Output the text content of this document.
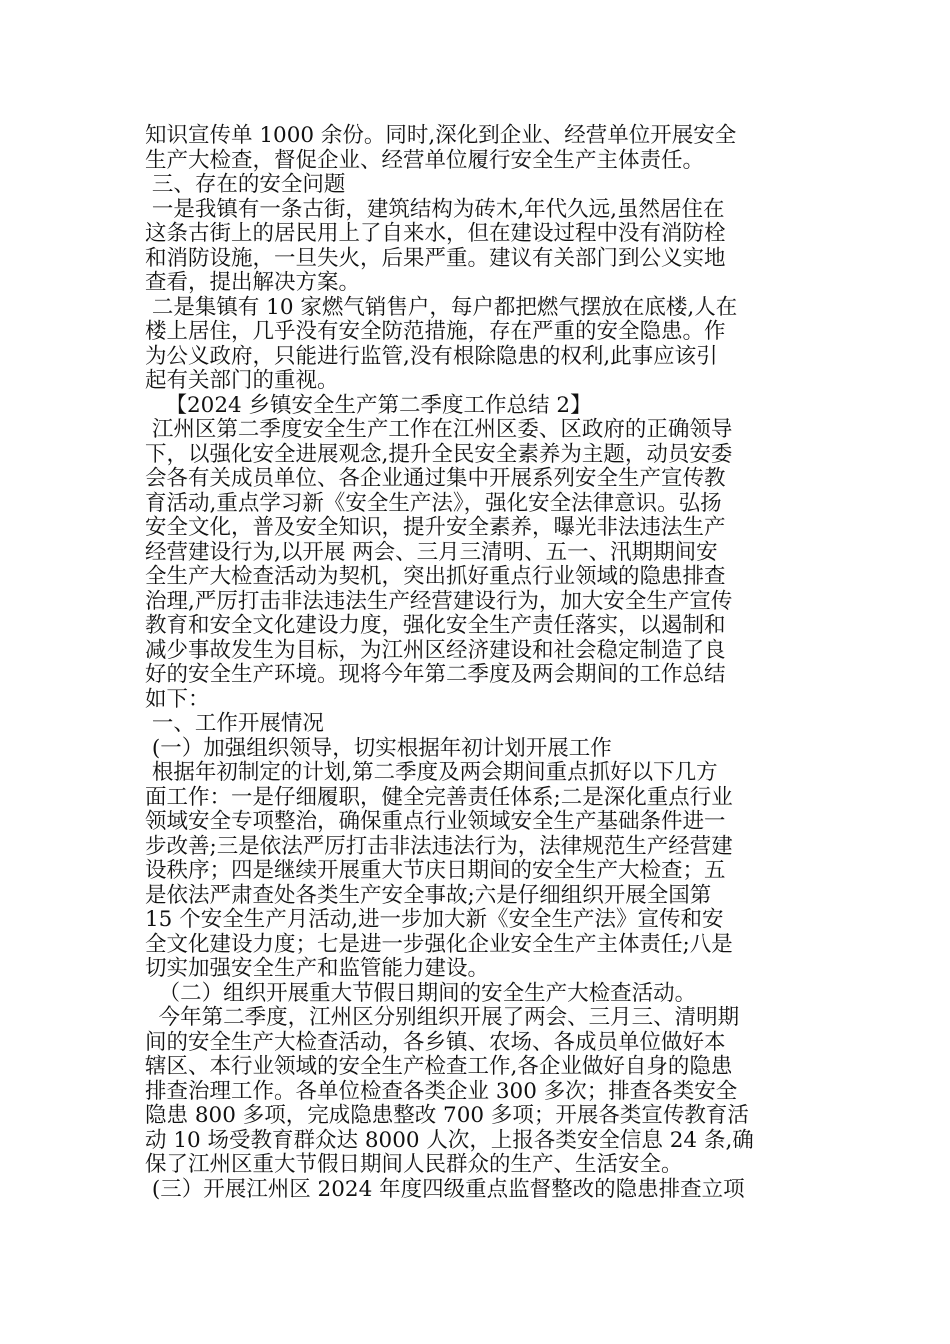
知识宣传单 1000 余份。同时,深化到企业、经营单位开展安全
生产大检查，督促企业、经营单位履行安全生产主体责任。
三、存在的安全问题
一是我镇有一条古街，建筑结构为砖木,年代久远,虽然居住在
这条古街上的居民用上了自来水，但在建设过程中没有消防栓
和消防设施，一旦失火，后果严重。建议有关部门到公义实地
查看，提出解决方案。
二是集镇有 10 家燃气销售户，每户都把燃气摆放在底楼,人在
楼上居住，几乎没有安全防范措施，存在严重的安全隐患。作
为公义政府，只能进行监管,没有根除隐患的权利,此事应该引
起有关部门的重视。
【2024 乡镇安全生产第二季度工作总结 2】
江州区第二季度安全生产工作在江州区委、区政府的正确领导
下，以强化安全进展观念,提升全民安全素养为主题，动员安委
会各有关成员单位、各企业通过集中开展系列安全生产宣传教
育活动,重点学习新《安全生产法》，强化安全法律意识。弘扬
安全文化，普及安全知识，提升安全素养，曝光非法违法生产
经营建设行为,以开展 两会、三月三清明、五一、汛期期间安
全生产大检查活动为契机，突出抓好重点行业领域的隐患排查
治理,严厉打击非法违法生产经营建设行为，加大安全生产宣传
教育和安全文化建设力度，强化安全生产责任落实，以遏制和
减少事故发生为目标，为江州区经济建设和社会稳定制造了良
好的安全生产环境。现将今年第二季度及两会期间的工作总结
如下：
一、工作开展情况
(一）加强组织领导，切实根据年初计划开展工作
根据年初制定的计划,第二季度及两会期间重点抓好以下几方
面工作：一是仔细履职，健全完善责任体系;二是深化重点行业
领域安全专项整治，确保重点行业领域安全生产基础条件进一
步改善;三是依法严厉打击非法违法行为，法律规范生产经营建
设秩序；四是继续开展重大节庆日期间的安全生产大检查；五
是依法严肃查处各类生产安全事故;六是仔细组织开展全国第
15 个安全生产月活动,进一步加大新《安全生产法》宣传和安
全文化建设力度；七是进一步强化企业安全生产主体责任;八是
切实加强安全生产和监管能力建设。
（二）组织开展重大节假日期间的安全生产大检查活动。
今年第二季度，江州区分别组织开展了两会、三月三、清明期
间的安全生产大检查活动，各乡镇、农场、各成员单位做好本
辖区、本行业领域的安全生产检查工作,各企业做好自身的隐患
排查治理工作。各单位检查各类企业 300 多次；排查各类安全
隐患 800 多项，完成隐患整改 700 多项；开展各类宣传教育活
动 10 场受教育群众达 8000 人次，上报各类安全信息 24 条,确
保了江州区重大节假日期间人民群众的生产、生活安全。
(三）开展江州区 2024 年度四级重点监督整改的隐患排查立项
